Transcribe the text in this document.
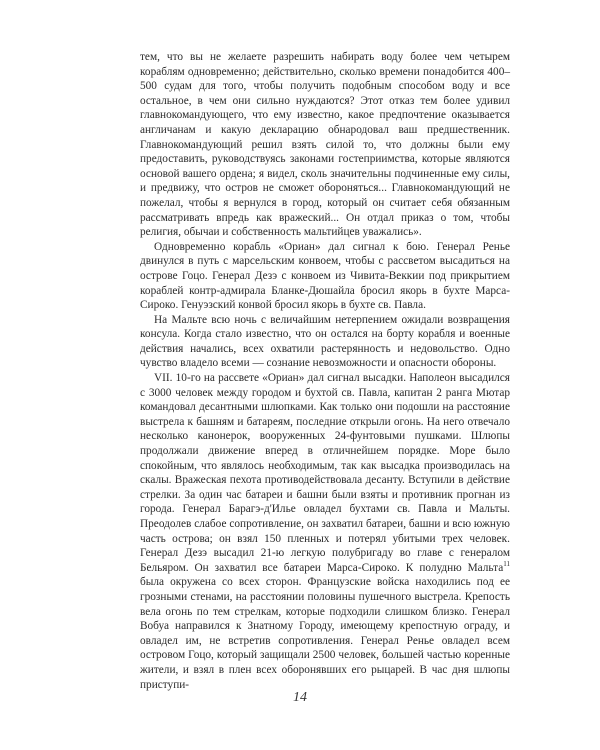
тем, что вы не желаете разрешить набирать воду более чем четырем кораблям одновременно; действительно, сколько времени понадобится 400–500 судам для того, чтобы получить подобным способом воду и все остальное, в чем они сильно нуждаются? Этот отказ тем более удивил главнокомандующего, что ему известно, какое предпочтение оказывается англичанам и какую декларацию обнародовал ваш предшественник. Главнокомандующий решил взять силой то, что должны были ему предоставить, руководствуясь законами гостеприимства, которые являются основой вашего ордена; я видел, сколь значительны подчиненные ему силы, и предвижу, что остров не сможет обороняться... Главнокомандующий не пожелал, чтобы я вернулся в город, который он считает себя обязанным рассматривать впредь как вражеский... Он отдал приказ о том, чтобы религия, обычаи и собственность мальтийцев уважались».

Одновременно корабль «Ориан» дал сигнал к бою. Генерал Ренье двинулся в путь с марсельским конвоем, чтобы с рассветом высадиться на острове Гоцо. Генерал Дезэ с конвоем из Чивита-Веккии под прикрытием кораблей контр-адмирала Бланке-Дюшайла бросил якорь в бухте Марса-Сироко. Генуэзский конвой бросил якорь в бухте св. Павла.

На Мальте всю ночь с величайшим нетерпением ожидали возвращения консула. Когда стало известно, что он остался на борту корабля и военные действия начались, всех охватили растерянность и недовольство. Одно чувство владело всеми — сознание невозможности и опасности обороны.

VII. 10-го на рассвете «Ориан» дал сигнал высадки. Наполеон высадился с 3000 человек между городом и бухтой св. Павла, капитан 2 ранга Мютар командовал десантными шлюпками. Как только они подошли на расстояние выстрела к башням и батареям, последние открыли огонь. На него отвечало несколько канонерок, вооруженных 24-фунтовыми пушками. Шлюпы продолжали движение вперед в отличнейшем порядке. Море было спокойным, что являлось необходимым, так как высадка производилась на скалы. Вражеская пехота противодействовала десанту. Вступили в действие стрелки. За один час батареи и башни были взяты и противник прогнан из города. Генерал Барагэ-д'Илье овладел бухтами св. Павла и Мальты. Преодолев слабое сопротивление, он захватил батареи, башни и всю южную часть острова; он взял 150 пленных и потерял убитыми трех человек. Генерал Дезэ высадил 21-ю легкую полубригаду во главе с генералом Бельяром. Он захватил все батареи Марса-Сироко. К полудню Мальта$^{11}$ была окружена со всех сторон. Французские войска находились под ее грозными стенами, на расстоянии половины пушечного выстрела. Крепость вела огонь по тем стрелкам, которые подходили слишком близко. Генерал Вобуа направился к Знатному Городу, имеющему крепостную ограду, и овладел им, не встретив сопротивления. Генерал Ренье овладел всем островом Гоцо, который защищали 2500 человек, большей частью коренные жители, и взял в плен всех оборонявших его рыцарей. В час дня шлюпы приступи-

14
